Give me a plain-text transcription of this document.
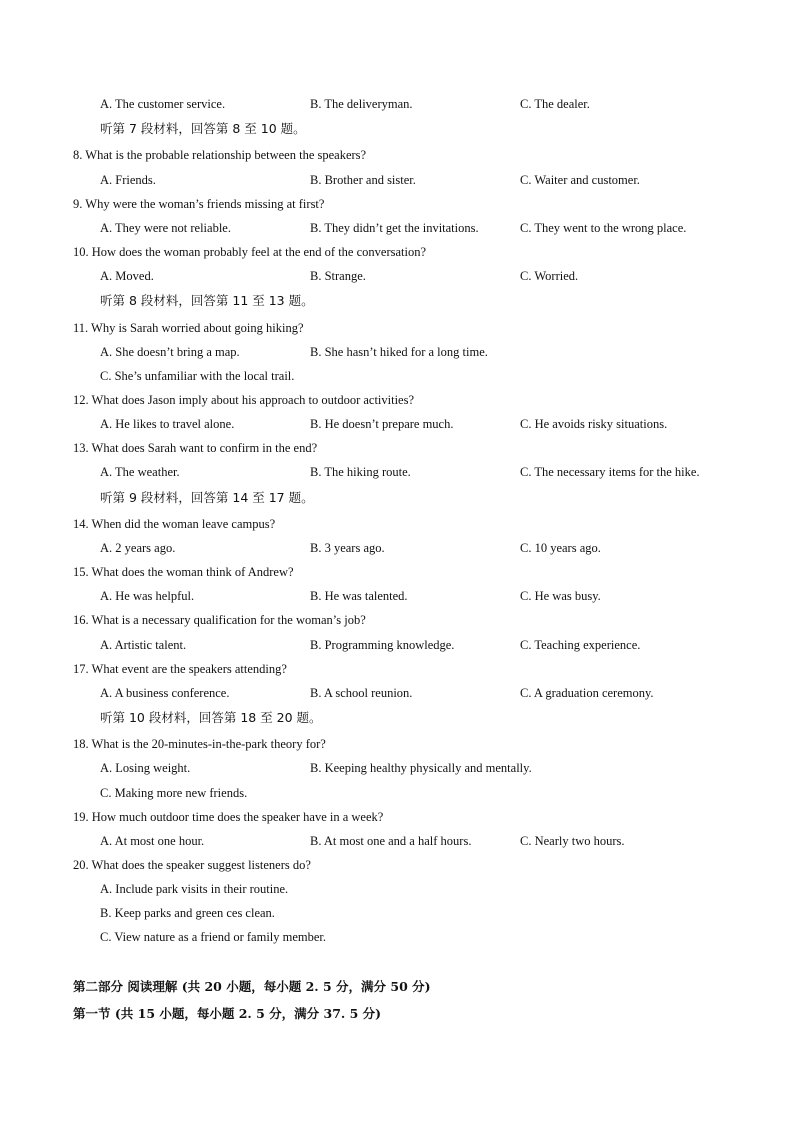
A. The customer service.	B. The deliveryman.	C. The dealer.
听第 7 段材料，回答第 8 至 10 题。
8. What is the probable relationship between the speakers?
A. Friends.	B. Brother and sister.	C. Waiter and customer.
9. Why were the woman’s friends missing at first?
A. They were not reliable.	B. They didn’t get the invitations.	C. They went to the wrong place.
10. How does the woman probably feel at the end of the conversation?
A. Moved.	B. Strange.	C. Worried.
听第 8 段材料，回答第 11 至 13 题。
11. Why is Sarah worried about going hiking?
A. She doesn’t bring a map.	B. She hasn’t hiked for a long time.
C. She’s unfamiliar with the local trail.
12. What does Jason imply about his approach to outdoor activities?
A. He likes to travel alone.	B. He doesn’t prepare much.	C. He avoids risky situations.
13. What does Sarah want to confirm in the end?
A. The weather.	B. The hiking route.	C. The necessary items for the hike.
听第 9 段材料，回答第 14 至 17 题。
14. When did the woman leave campus?
A. 2 years ago.	B. 3 years ago.	C. 10 years ago.
15. What does the woman think of Andrew?
A. He was helpful.	B. He was talented.	C. He was busy.
16. What is a necessary qualification for the woman’s job?
A. Artistic talent.	B. Programming knowledge.	C. Teaching experience.
17. What event are the speakers attending?
A. A business conference.	B. A school reunion.	C. A graduation ceremony.
听第 10 段材料，回答第 18 至 20 题。
18. What is the 20-minutes-in-the-park theory for?
A. Losing weight.	B. Keeping healthy physically and mentally.
C. Making more new friends.
19. How much outdoor time does the speaker have in a week?
A. At most one hour.	B. At most one and a half hours.	C. Nearly two hours.
20. What does the speaker suggest listeners do?
A. Include park visits in their routine.
B. Keep parks and green ces clean.
C. View nature as a friend or family member.
第二部分 阅读理解 (共 20 小题，每小题 2. 5 分，满分 50 分)
第一节 (共 15 小题，每小题 2. 5 分，满分 37. 5 分)
